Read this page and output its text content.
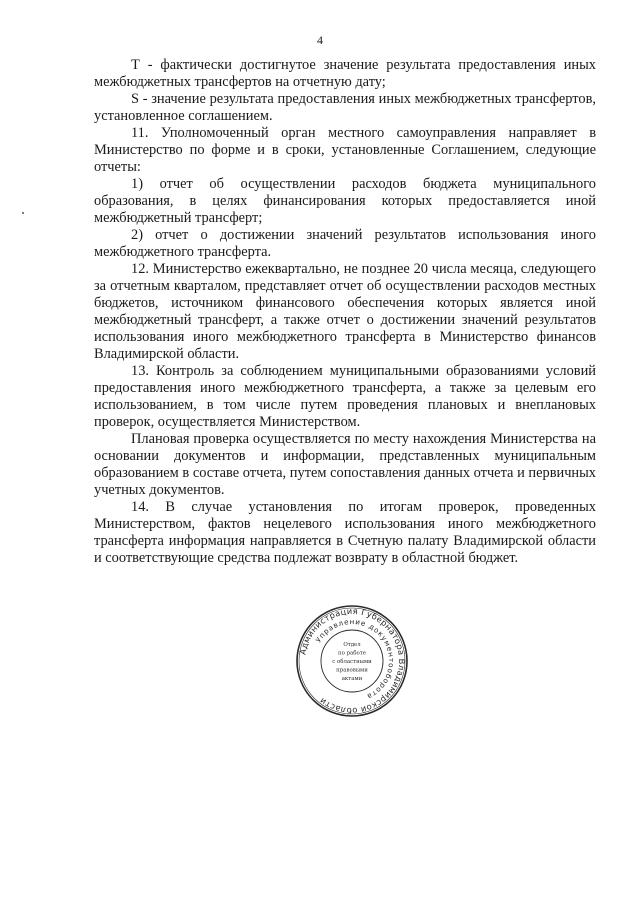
4

Т - фактически достигнутое значение результата предоставления иных межбюджетных трансфертов на отчетную дату;

S - значение результата предоставления иных межбюджетных трансфертов, установленное соглашением.

11. Уполномоченный орган местного самоуправления направляет в Министерство по форме и в сроки, установленные Соглашением, следующие отчеты:

1) отчет об осуществлении расходов бюджета муниципального образования, в целях финансирования которых предоставляется иной межбюджетный трансферт;

2) отчет о достижении значений результатов использования иного межбюджетного трансферта.

12. Министерство ежеквартально, не позднее 20 числа месяца, следующего за отчетным кварталом, представляет отчет об осуществлении расходов местных бюджетов, источником финансового обеспечения которых является иной межбюджетный трансферт, а также отчет о достижении значений результатов использования иного межбюджетного трансферта в Министерство финансов Владимирской области.

13. Контроль за соблюдением муниципальными образованиями условий предоставления иного межбюджетного трансферта, а также за целевым его использованием, в том числе путем проведения плановых и внеплановых проверок, осуществляется Министерством.

Плановая проверка осуществляется по месту нахождения Министерства на основании документов и информации, представленных муниципальным образованием в составе отчета, путем сопоставления данных отчета и первичных учетных документов.

14. В случае установления по итогам проверок, проведенных Министерством, фактов нецелевого использования иного межбюджетного трансферта информация направляется в Счетную палату Владимирской области и соответствующие средства подлежат возврату в областной бюджет.

Администрация Губернатора Владимирской области
Управление документооборота
Отдел
по работе
с областными
правовыми
актами
